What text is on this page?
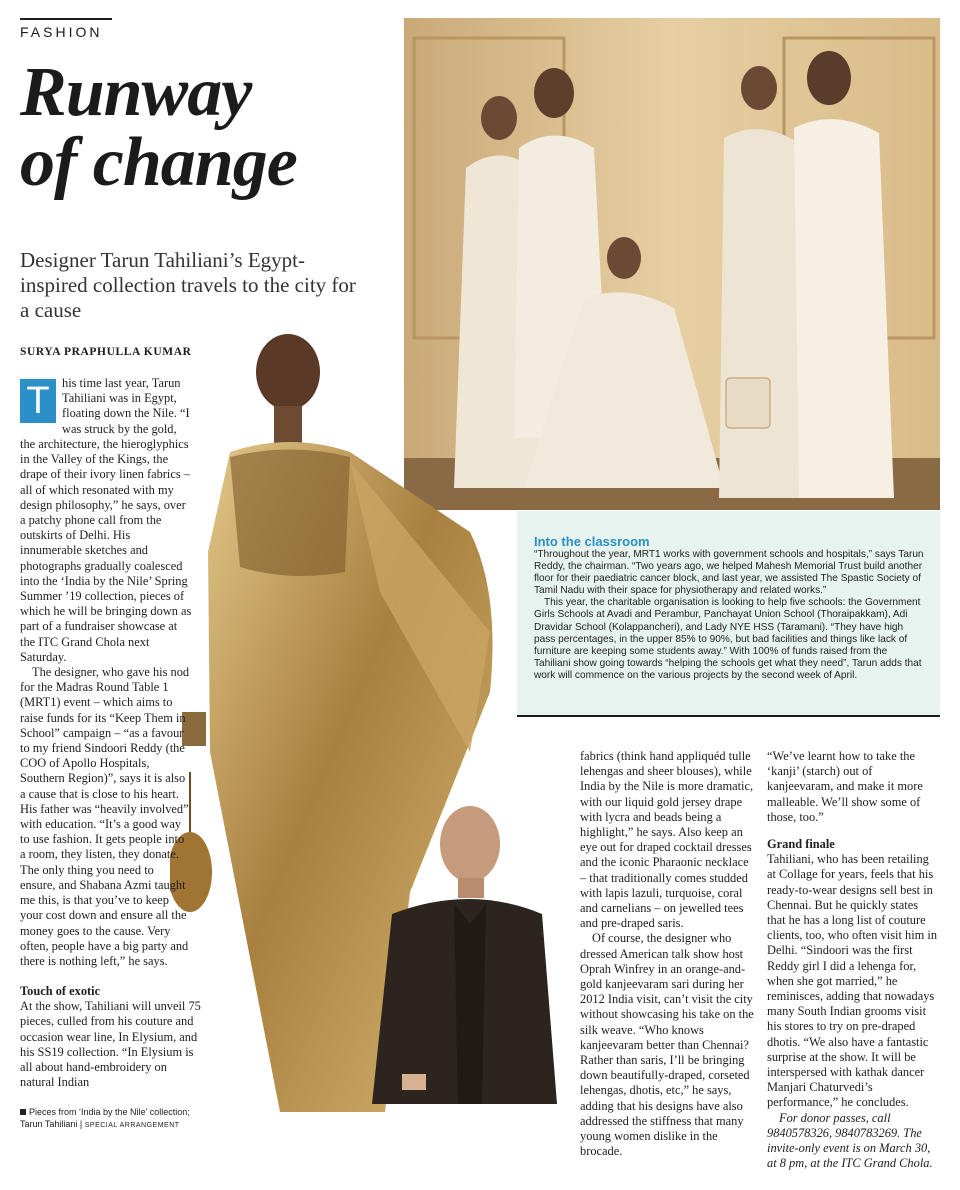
FASHION
Runway
of change
Designer Tarun Tahiliani’s Egypt-inspired collection travels to the city for a cause
SURYA PRAPHULLA KUMAR
Into the classroom

“Throughout the year, MRT1 works with government schools and hospitals,” says Tarun Reddy, the chairman. “Two years ago, we helped Mahesh Memorial Trust build another floor for their paediatric cancer block, and last year, we assisted The Spastic Society of Tamil Nadu with their space for physiotherapy and related works.”

This year, the charitable organisation is looking to help five schools: the Government Girls Schools at Avadi and Perambur, Panchayat Union School (Thoraipakkam), Adi Dravidar School (Kolappancheri), and Lady NYE HSS (Taramani). “They have high pass percentages, in the upper 85% to 90%, but bad facilities and things like lack of furniture are keeping some students away.” With 100% of funds raised from the Tahiliani show going towards “helping the schools get what they need”, Tarun adds that work will commence on the various projects by the second week of April.

T his time last year, Tarun Tahiliani was in Egypt, floating down the Nile. “I was struck by the gold,

the architecture, the hieroglyphics in the Valley of the Kings, the drape of their ivory linen fabrics – all of which resonated with my design philosophy,” he says, over a patchy phone call from the outskirts of Delhi. His innumerable sketches and photographs gradually coalesced into the ‘India by the Nile’ Spring Summer ’19 collection, pieces of which he will be bringing down as part of a fundraiser showcase at the ITC Grand Chola next Saturday.

The designer, who gave his nod for the Madras Round Table 1 (MRT1) event – which aims to raise funds for its “Keep Them in School” campaign – “as a favour to my friend Sindoori Reddy (the COO of Apollo Hospitals, Southern Region)”, says it is also a cause that is close to his heart. His father was “heavily involved” with education. “It’s a good way to use fashion. It gets people into a room, they listen, they donate. The only thing you need to ensure, and Shabana Azmi taught me this, is that you’ve to keep your cost down and ensure all the money goes to the cause. Very often, people have a big party and there is nothing left,” he says.

Touch of exotic

At the show, Tahiliani will unveil 75 pieces, culled from his couture and occasion wear line, In Elysium, and his SS19 collection. “In Elysium is all about hand-embroidery on natural Indian

fabrics (think hand appliquéd tulle lehengas and sheer blouses), while India by the Nile is more dramatic, with our liquid gold jersey drape with lycra and beads being a highlight,” he says. Also keep an eye out for draped cocktail dresses and the iconic Pharaonic necklace – that traditionally comes studded with lapis lazuli, turquoise, coral and carnelians – on jewelled tees and pre-draped saris.

Of course, the designer who dressed American talk show host Oprah Winfrey in an orange-and-gold kanjeevaram sari during her 2012 India visit, can’t visit the city without showcasing his take on the silk weave. “Who knows kanjeevaram better than Chennai? Rather than saris, I’ll be bringing down beautifully-draped, corseted lehengas, dhotis, etc,” he says, adding that his designs have also addressed the stiffness that many young women dislike in the brocade.

“We’ve learnt how to take the ‘kanji’ (starch) out of kanjeevaram, and make it more malleable. We’ll show some of those, too.”

Grand finale

Tahiliani, who has been retailing at Collage for years, feels that his ready-to-wear designs sell best in Chennai. But he quickly states that he has a long list of couture clients, too, who often visit him in Delhi. “Sindoori was the first Reddy girl I did a lehenga for, when she got married,” he reminisces, adding that nowadays many South Indian grooms visit his stores to try on pre-draped dhotis. “We also have a fantastic surprise at the show. It will be interspersed with kathak dancer Manjari Chaturvedi’s performance,” he concludes.

For donor passes, call 9840578326, 9840783269. The invite-only event is on March 30, at 8 pm, at the ITC Grand Chola.

Pieces from ‘India by the Nile’ collection;
Tarun Tahiliani | SPECIAL ARRANGEMENT
